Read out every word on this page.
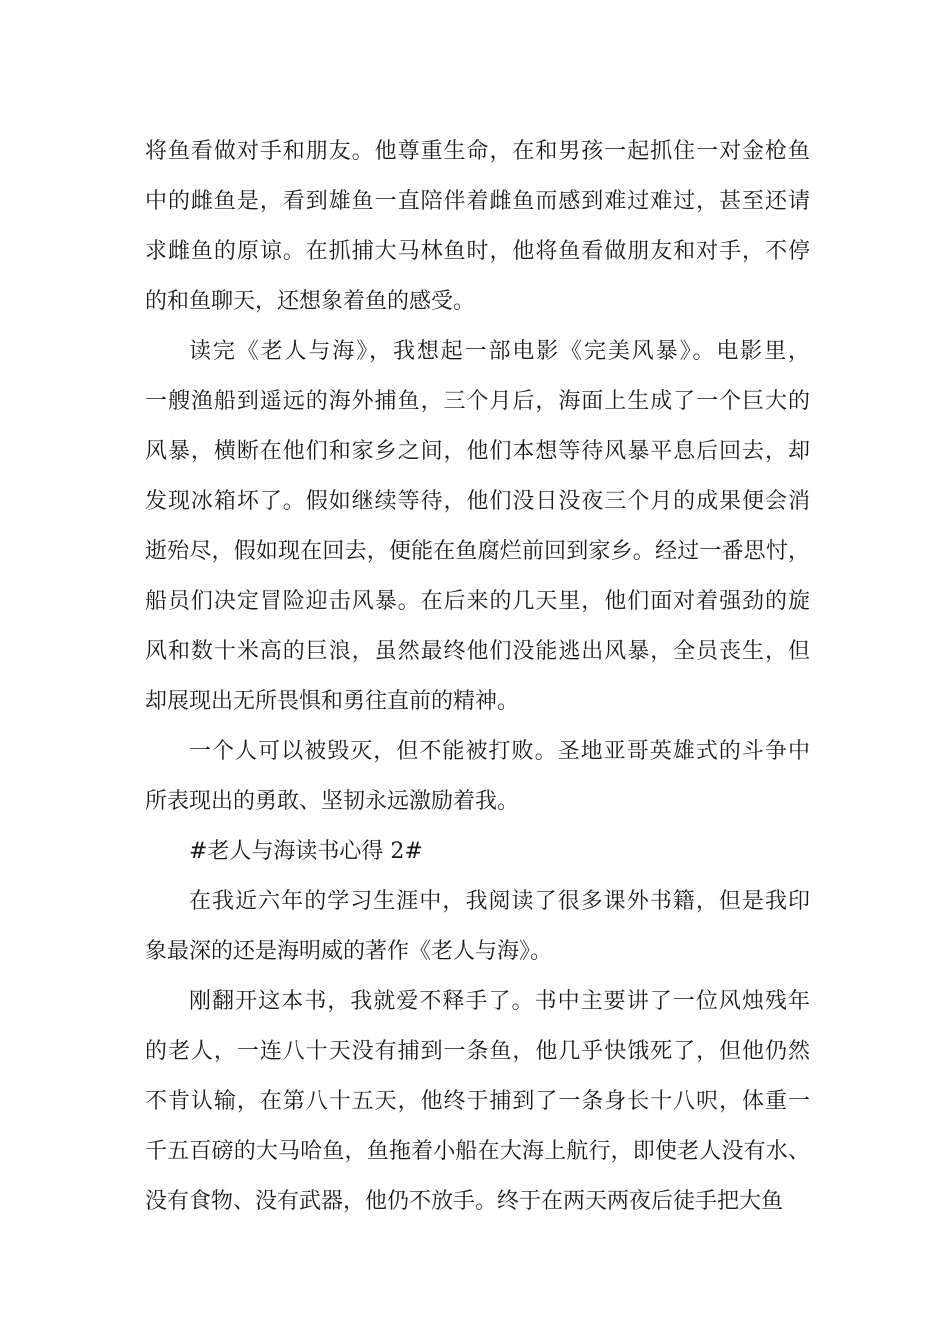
将鱼看做对手和朋友。他尊重生命，在和男孩一起抓住一对金枪鱼
中的雌鱼是，看到雄鱼一直陪伴着雌鱼而感到难过难过，甚至还请
求雌鱼的原谅。在抓捕大马林鱼时，他将鱼看做朋友和对手，不停
的和鱼聊天，还想象着鱼的感受。
读完《老人与海》，我想起一部电影《完美风暴》。电影里，
一艘渔船到遥远的海外捕鱼，三个月后，海面上生成了一个巨大的
风暴，横断在他们和家乡之间，他们本想等待风暴平息后回去，却
发现冰箱坏了。假如继续等待，他们没日没夜三个月的成果便会消
逝殆尽，假如现在回去，便能在鱼腐烂前回到家乡。经过一番思忖，
船员们决定冒险迎击风暴。在后来的几天里，他们面对着强劲的旋
风和数十米高的巨浪，虽然最终他们没能逃出风暴，全员丧生，但
却展现出无所畏惧和勇往直前的精神。
一个人可以被毁灭，但不能被打败。圣地亚哥英雄式的斗争中
所表现出的勇敢、坚韧永远激励着我。
#老人与海读书心得 2#
在我近六年的学习生涯中，我阅读了很多课外书籍，但是我印
象最深的还是海明威的著作《老人与海》。
刚翻开这本书，我就爱不释手了。书中主要讲了一位风烛残年
的老人，一连八十天没有捕到一条鱼，他几乎快饿死了，但他仍然
不肯认输，在第八十五天，他终于捕到了一条身长十八呎，体重一
千五百磅的大马哈鱼，鱼拖着小船在大海上航行，即使老人没有水、
没有食物、没有武器，他仍不放手。终于在两天两夜后徒手把大鱼
